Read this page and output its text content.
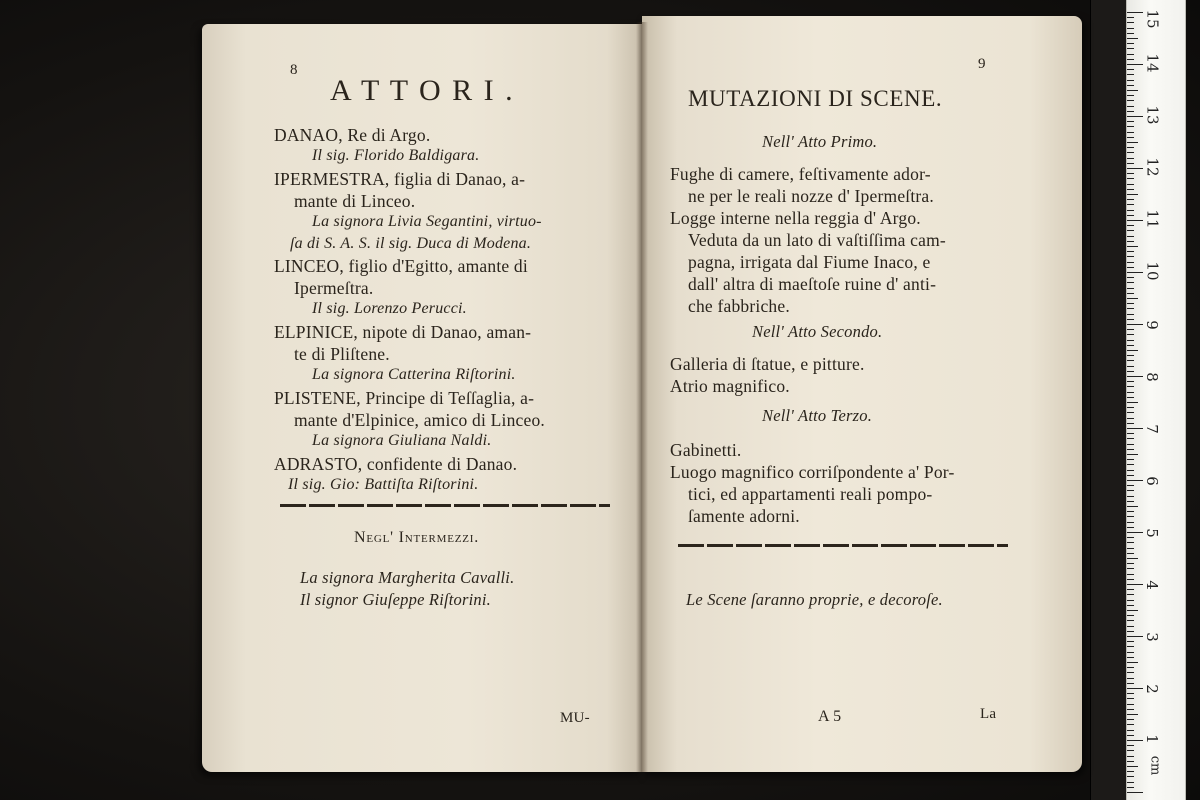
8
A T T O R I .
DANAO, Re di Argo.
Il sig. Florido Baldigara.
IPERMESTRA, figlia di Danao, a-
mante di Linceo.
La signora Livia Segantini, virtuo-
ſa di S. A. S. il sig. Duca di Modena.
LINCEO, figlio d'Egitto, amante di
Ipermeſtra.
Il sig. Lorenzo Perucci.
ELPINICE, nipote di Danao, aman-
te di Pliſtene.
La signora Catterina Riſtorini.
PLISTENE, Principe di Teſſaglia, a-
mante d'Elpinice, amico di Linceo.
La signora Giuliana Naldi.
ADRASTO, confidente di Danao.
Il sig. Gio: Battiſta Riſtorini.
Negl' Intermezzi.
La signora Margherita Cavalli.
Il signor Giuſeppe Riſtorini.
MU-
9
MUTAZIONI DI SCENE.
Nell' Atto Primo.
Fughe di camere, feſtivamente ador-
ne per le reali nozze d' Ipermeſtra.
Logge interne nella reggia d' Argo.
Veduta da un lato di vaſtiſſima cam-
pagna, irrigata dal Fiume Inaco, e
dall' altra di maeſtoſe ruine d' anti-
che fabbriche.
Nell' Atto Secondo.
Galleria di ſtatue, e pitture.
Atrio magnifico.
Nell' Atto Terzo.
Gabinetti.
Luogo magnifico corriſpondente a' Por-
tici, ed appartamenti reali pompo-
ſamente adorni.
Le Scene ſaranno proprie, e decoroſe.
A 5	La
cm
1
2
3
4
5
6
7
8
9
10
11
12
13
14
15
